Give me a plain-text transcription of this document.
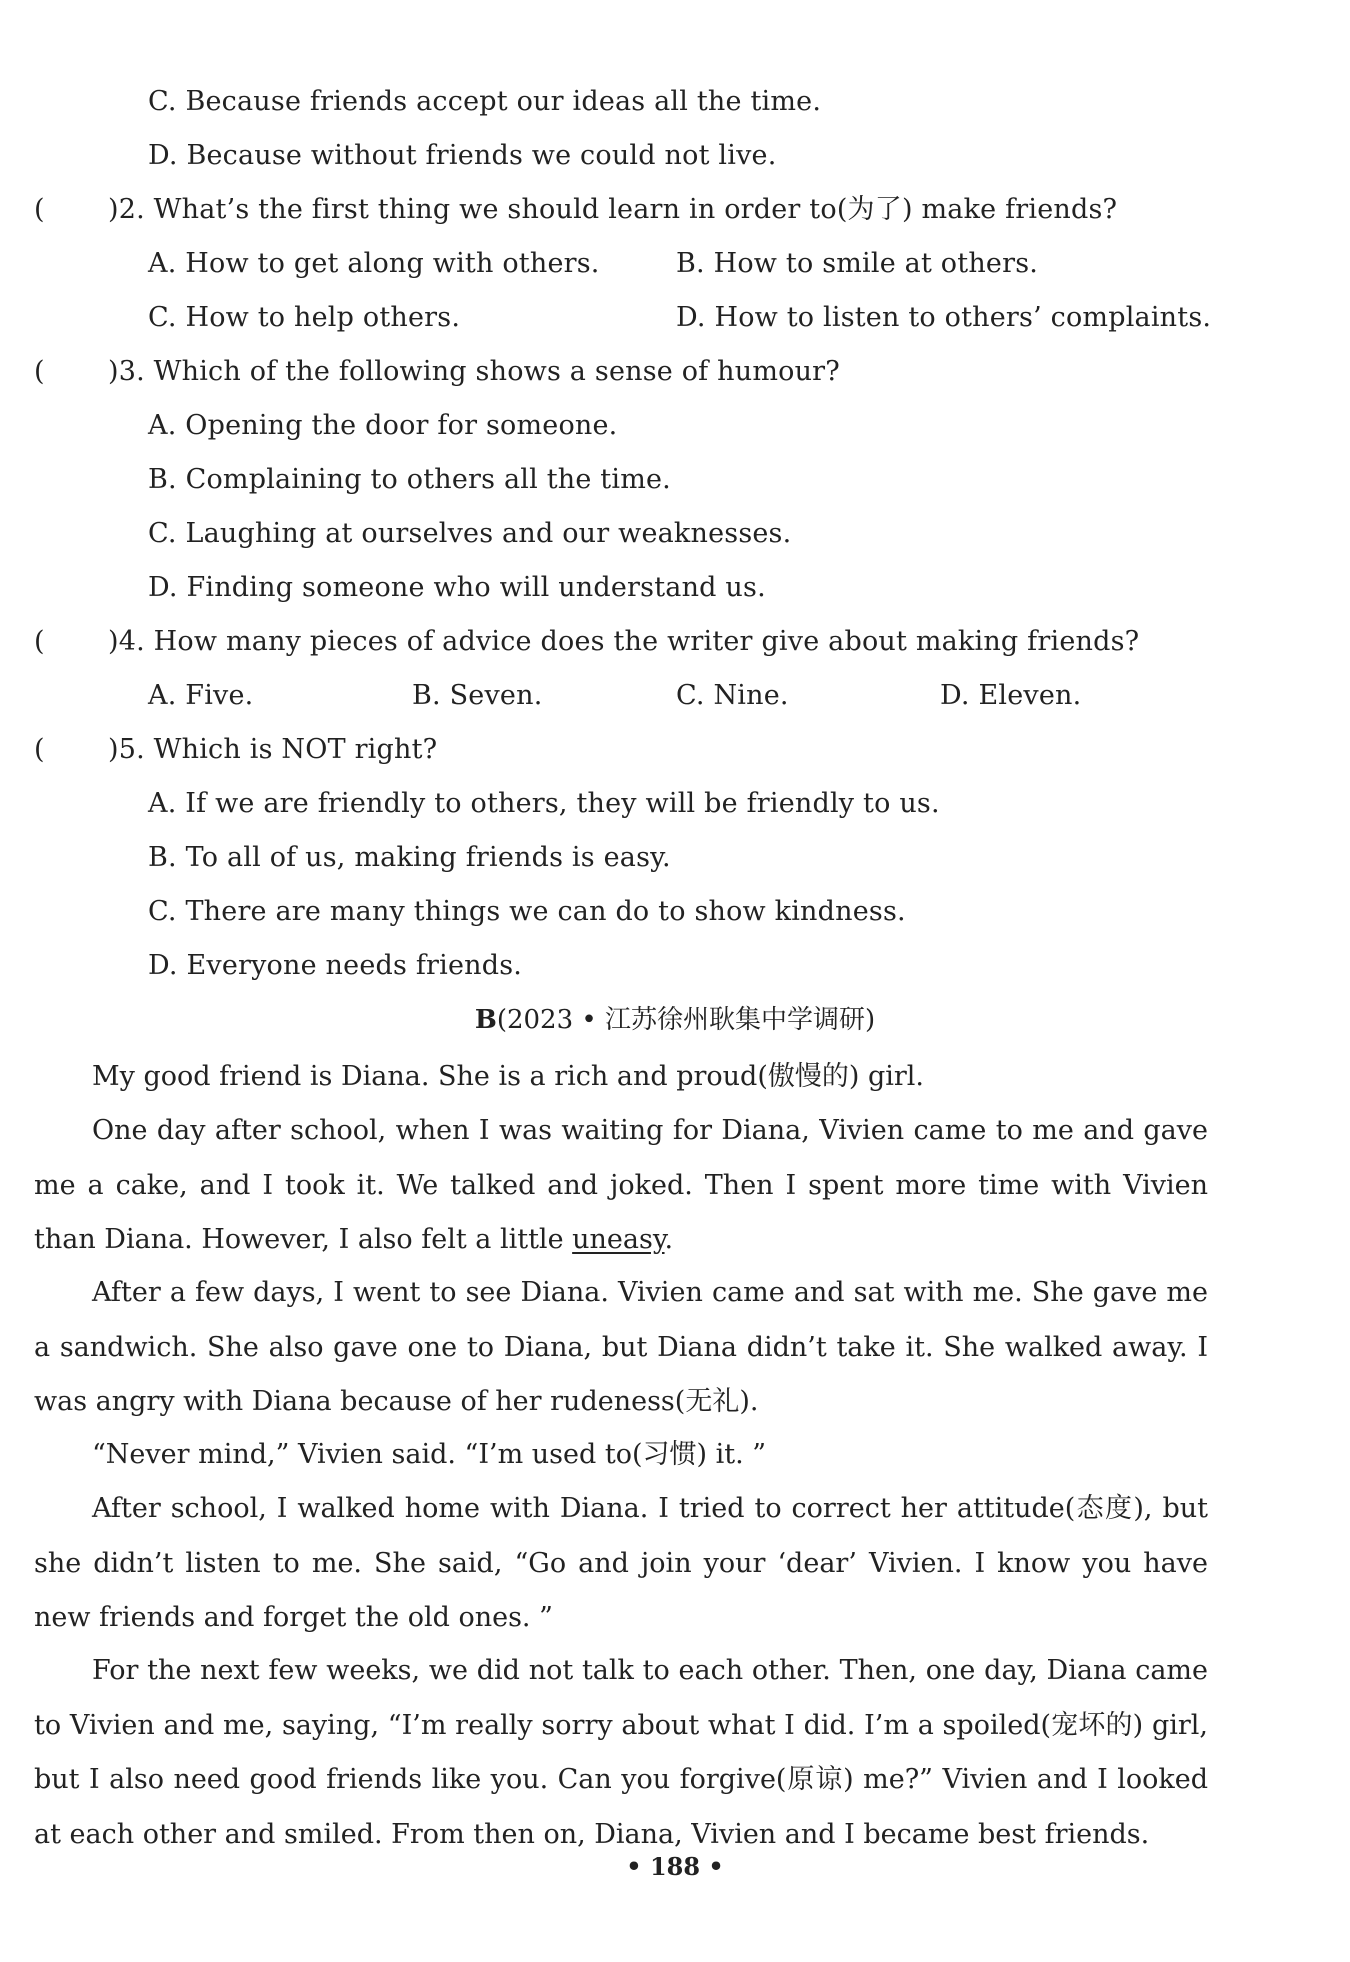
C. Because friends accept our ideas all the time.
D. Because without friends we could not live.
( )2. What’s the first thing we should learn in order to(为了) make friends?
A. How to get along with others.	B. How to smile at others.
C. How to help others.	D. How to listen to others’ complaints.
( )3. Which of the following shows a sense of humour?
A. Opening the door for someone.
B. Complaining to others all the time.
C. Laughing at ourselves and our weaknesses.
D. Finding someone who will understand us.
( )4. How many pieces of advice does the writer give about making friends?
A. Five.	B. Seven.	C. Nine.	D. Eleven.
( )5. Which is NOT right?
A. If we are friendly to others, they will be friendly to us.
B. To all of us, making friends is easy.
C. There are many things we can do to show kindness.
D. Everyone needs friends.
B(2023 • 江苏徐州耿集中学调研)
My good friend is Diana. She is a rich and proud(傲慢的) girl.
One day after school, when I was waiting for Diana, Vivien came to me and gave me a cake, and I took it. We talked and joked. Then I spent more time with Vivien than Diana. However, I also felt a little uneasy.
After a few days, I went to see Diana. Vivien came and sat with me. She gave me a sandwich. She also gave one to Diana, but Diana didn’t take it. She walked away. I was angry with Diana because of her rudeness(无礼).
“Never mind,” Vivien said. “I’m used to(习惯) it. ”
After school, I walked home with Diana. I tried to correct her attitude(态度), but she didn’t listen to me. She said, “Go and join your ‘dear’ Vivien. I know you have new friends and forget the old ones. ”
For the next few weeks, we did not talk to each other. Then, one day, Diana came to Vivien and me, saying, “I’m really sorry about what I did. I’m a spoiled(宠坏的) girl, but I also need good friends like you. Can you forgive(原谅) me?” Vivien and I looked at each other and smiled. From then on, Diana, Vivien and I became best friends.
• 188 •
